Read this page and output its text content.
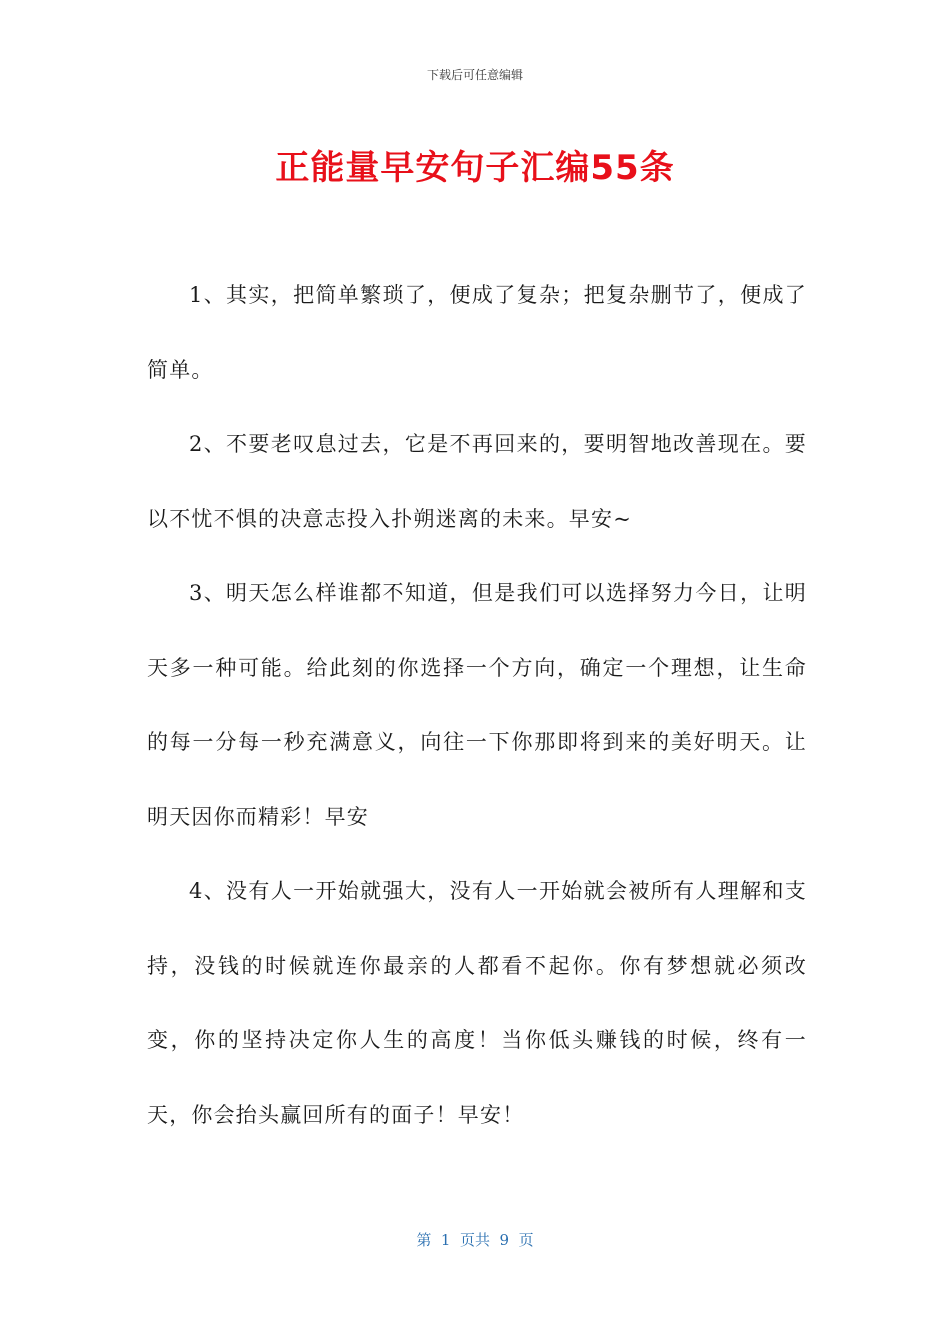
下载后可任意编辑
正能量早安句子汇编55条

1、其实，把简单繁琐了，便成了复杂；把复杂删节了，便成了简单。

2、不要老叹息过去，它是不再回来的，要明智地改善现在。要以不忧不惧的决意志投入扑朔迷离的未来。早安~

3、明天怎么样谁都不知道，但是我们可以选择努力今日，让明天多一种可能。给此刻的你选择一个方向，确定一个理想，让生命的每一分每一秒充满意义，向往一下你那即将到来的美好明天。让明天因你而精彩！早安

4、没有人一开始就强大，没有人一开始就会被所有人理解和支持，没钱的时候就连你最亲的人都看不起你。你有梦想就必须改变，你的坚持决定你人生的高度！当你低头赚钱的时候，终有一天，你会抬头赢回所有的面子！早安！

第  1  页共  9  页
